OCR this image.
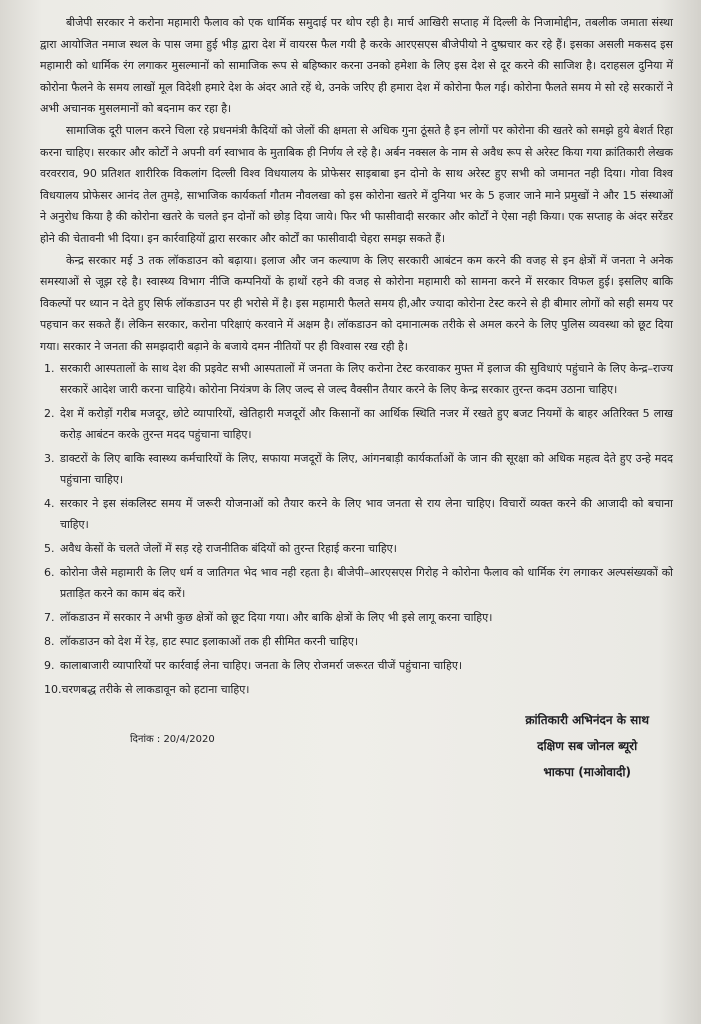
बीजेपी सरकार ने करोना महामारी फैलाव को एक धार्मिक समुदाई पर थोप रही है। मार्च आखिरी सप्ताह में दिल्ली के निजामोद्दीन, तबलीक जमाता संस्था द्वारा आयोजित नमाज स्थल के पास जमा हुई भीड़ द्वारा देश में वायरस फैल गयी है करके आरएसएस बीजेपीयो ने दुष्प्रचार कर रहे हैं। इसका असली मकसद इस महामारी को धार्मिक रंग लगाकर मुसल्मानों को सामाजिक रूप से बहिष्कार करना उनको हमेशा के लिए इस देश से दूर करने की साजिश है। दराहसल दुनिया में कोरोना फैलने के समय लाखों मूल विदेशी हमारे देश के अंदर आते रहें थे, उनके जरिए ही हमारा देश में कोरोना फैल गई। कोरोना फैलते समय मे सो रहे सरकारों ने अभी अचानक मुसलमानों को बदनाम कर रहा है।

सामाजिक दूरी पालन करने चिला रहे प्रधनमंत्री कैदियों को जेलों की क्षमता से अधिक गुना ठूंसते है इन लोगों पर कोरोना की खतरे को समझे हुये बेशर्त रिहा करना चाहिए। सरकार और कोर्टों ने अपनी वर्ग स्वाभाव के मुताबिक ही निर्णय ले रहे है। अर्बन नक्सल के नाम से अवैध रूप से अरेस्ट किया गया क्रांतिकारी लेखक वरवरराव, 90 प्रतिशत शारीरिक विकलांग दिल्ली विश्व विधयालय के प्रोफेसर साइबाबा इन दोनो के साथ अरेस्ट हुए सभी को जमानत नही दिया। गोवा विश्व विधयालय प्रोफेसर आनंद तेल तुमड़े, साभाजिक कार्यकर्ता गौतम नौवलखा को इस कोरोना खतरे में दुनिया भर के 5 हजार जाने माने प्रमुखों ने और 15 संस्थाओं ने अनुरोध किया है की कोरोना खतरे के चलते इन दोनों को छोड़ दिया जाये। फिर भी फासीवादी सरकार और कोर्टों ने ऐसा नही किया। एक सप्ताह के अंदर सरेंडर होने की चेतावनी भी दिया। इन कार्रवाहियों द्वारा सरकार और कोर्टों का फासीवादी चेहरा समझ सकते हैं।

केन्द्र सरकार मई 3 तक लॉकडाउन को बढ़ाया। इलाज और जन कल्याण के लिए सरकारी आबंटन कम करने की वजह से इन क्षेत्रों में जनता ने अनेक समस्याओं से जूझ रहे है। स्वास्थ्य विभाग नीजि कम्पनियों के हाथों रहने की वजह से कोरोना महामारी को सामना करने में सरकार विफल हुई। इसलिए बाकि विकल्पों पर ध्यान न देते हुए सिर्फ लॉकडाउन पर ही भरोसे में है। इस महामारी फैलते समय ही,और ज्यादा कोरोना टेस्ट करने से ही बीमार लोगों को सही समय पर पहचान कर सकते हैं। लेकिन सरकार, करोना परिक्षाएं करवाने में अक्षम है। लॉकडाउन को दमानात्मक तरीके से अमल करने के लिए पुलिस व्यवस्था को छूट दिया गया। सरकार ने जनता की समझदारी बढ़ाने के बजाये दमन नीतियों पर ही विश्वास रख रही है।

1. सरकारी आस्पतालों के साथ देश की प्रइवेट सभी आस्पतालों में जनता के लिए करोना टेस्ट करवाकर मुफ्त में इलाज की सुविधाएं पहुंचाने के लिए केन्द्र–राज्य सरकारें आदेश जारी करना चाहिये। कोरोना नियंत्रण के लिए जल्द से जल्द वैक्सीन तैयार करने के लिए केन्द्र सरकार तुरन्त कदम उठाना चाहिए।
2. देश में करोड़ों गरीब मजदूर, छोटे व्यापारियों, खेतिहारी मजदूरों और किसानों का आर्थिक स्थिति नजर में रखते हुए बजट नियमों के बाहर अतिरिक्त 5 लाख करोड़ आबंटन करके तुरन्त मदद पहुंचाना चाहिए।
3. डाक्टरों के लिए बाकि स्वास्थ्य कर्मचारियों के लिए, सफाया मजदूरों के लिए, आंगनबाड़ी कार्यकर्ताओं के जान की सूरक्षा को अधिक महत्व देते हुए उन्हे मदद पहुंचाना चाहिए।
4. सरकार ने इस संकलिस्ट समय में जरूरी योजनाओं को तैयार करने के लिए भाव जनता से राय लेना चाहिए। विचारों व्यक्त करने की आजादी को बचाना चाहिए।
5. अवैध केसों के चलते जेलों में सड़ रहे राजनीतिक बंदियों को तुरन्त रिहाई करना चाहिए।
6. कोरोना जैसे महामारी के लिए धर्म व जातिगत भेद भाव नही रहता है। बीजेपी–आरएसएस गिरोह ने कोरोना फैलाव को धार्मिक रंग लगाकर अल्पसंख्यकों को प्रताड़ित करने का काम बंद करें।
7. लॉकडाउन में सरकार ने अभी कुछ क्षेत्रों को छूट दिया गया। और बाकि क्षेत्रों के लिए भी इसे लागू करना चाहिए।
8. लॉकडाउन को देश में रेड़, हाट स्पाट इलाकाओं तक ही सीमित करनी चाहिए।
9. कालाबाजारी व्यापारियों पर कार्रवाई लेना चाहिए। जनता के लिए रोजमर्रा जरूरत चीजें पहुंचाना चाहिए।
10. चरणबद्ध तरीके से लाकडावून को हटाना चाहिए।
दिनांक : 20/4/2020
क्रांतिकारी अभिनंदन के साथ
दक्षिण सब जोनल ब्यूरो
भाकपा (माओवादी)
